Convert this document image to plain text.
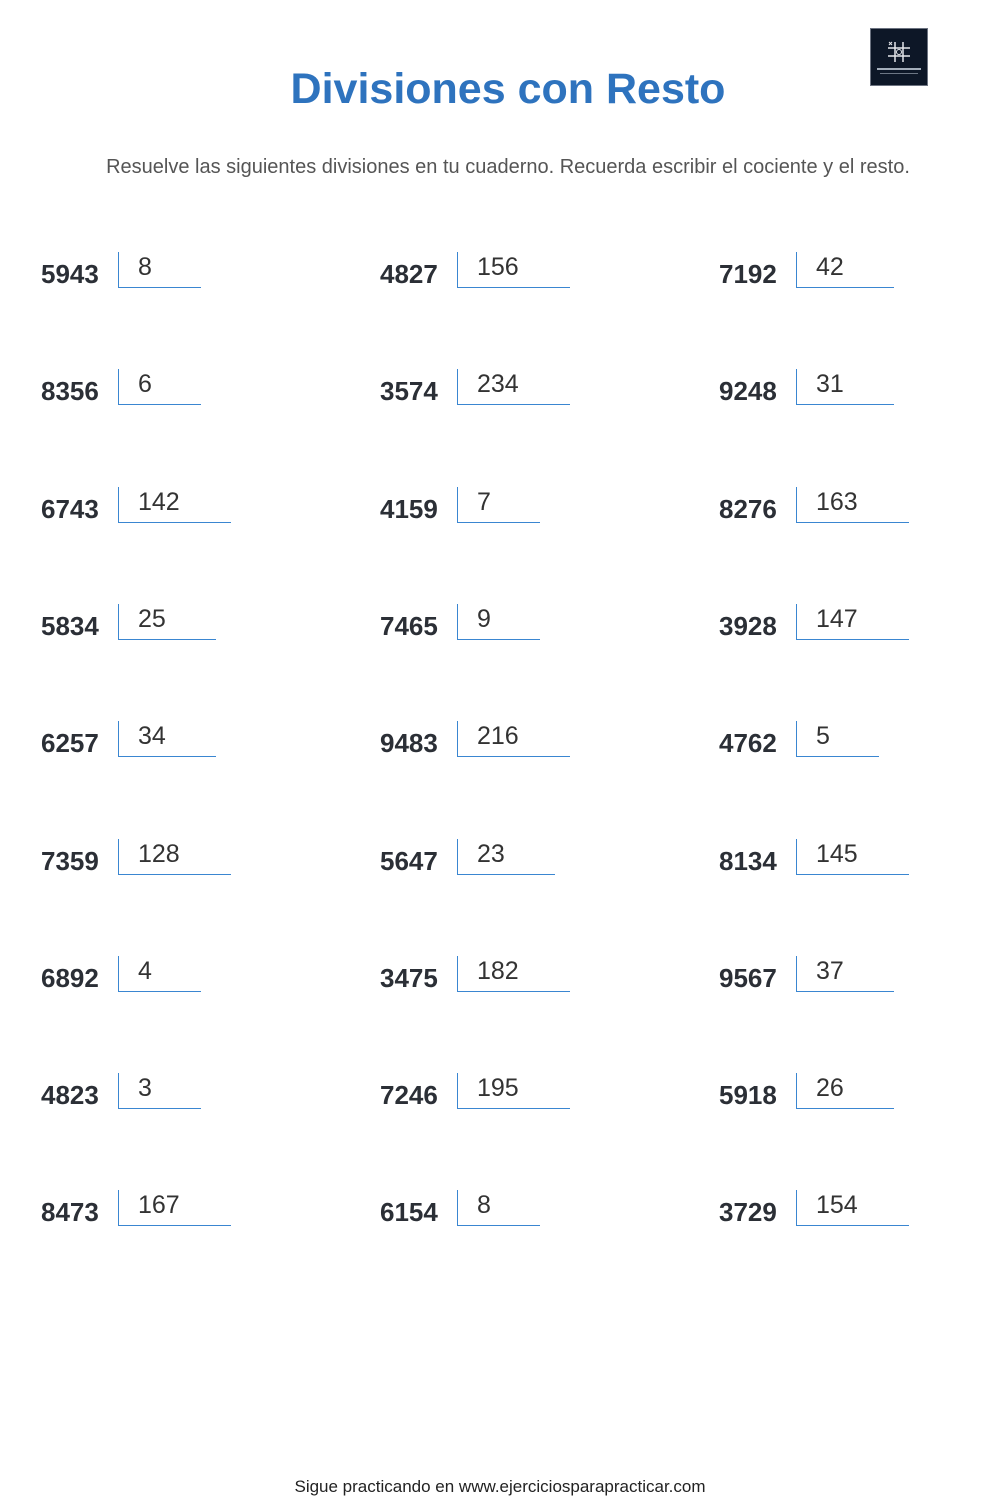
Divisiones con Resto
Resuelve las siguientes divisiones en tu cuaderno. Recuerda escribir el cociente y el resto.
5943 8	4827 156	7192 42
8356 6	3574 234	9248 31
6743 142	4159 7	8276 163
5834 25	7465 9	3928 147
6257 34	9483 216	4762 5
7359 128	5647 23	8134 145
6892 4	3475 182	9567 37
4823 3	7246 195	5918 26
8473 167	6154 8	3729 154
Sigue practicando en www.ejerciciosparapracticar.com
